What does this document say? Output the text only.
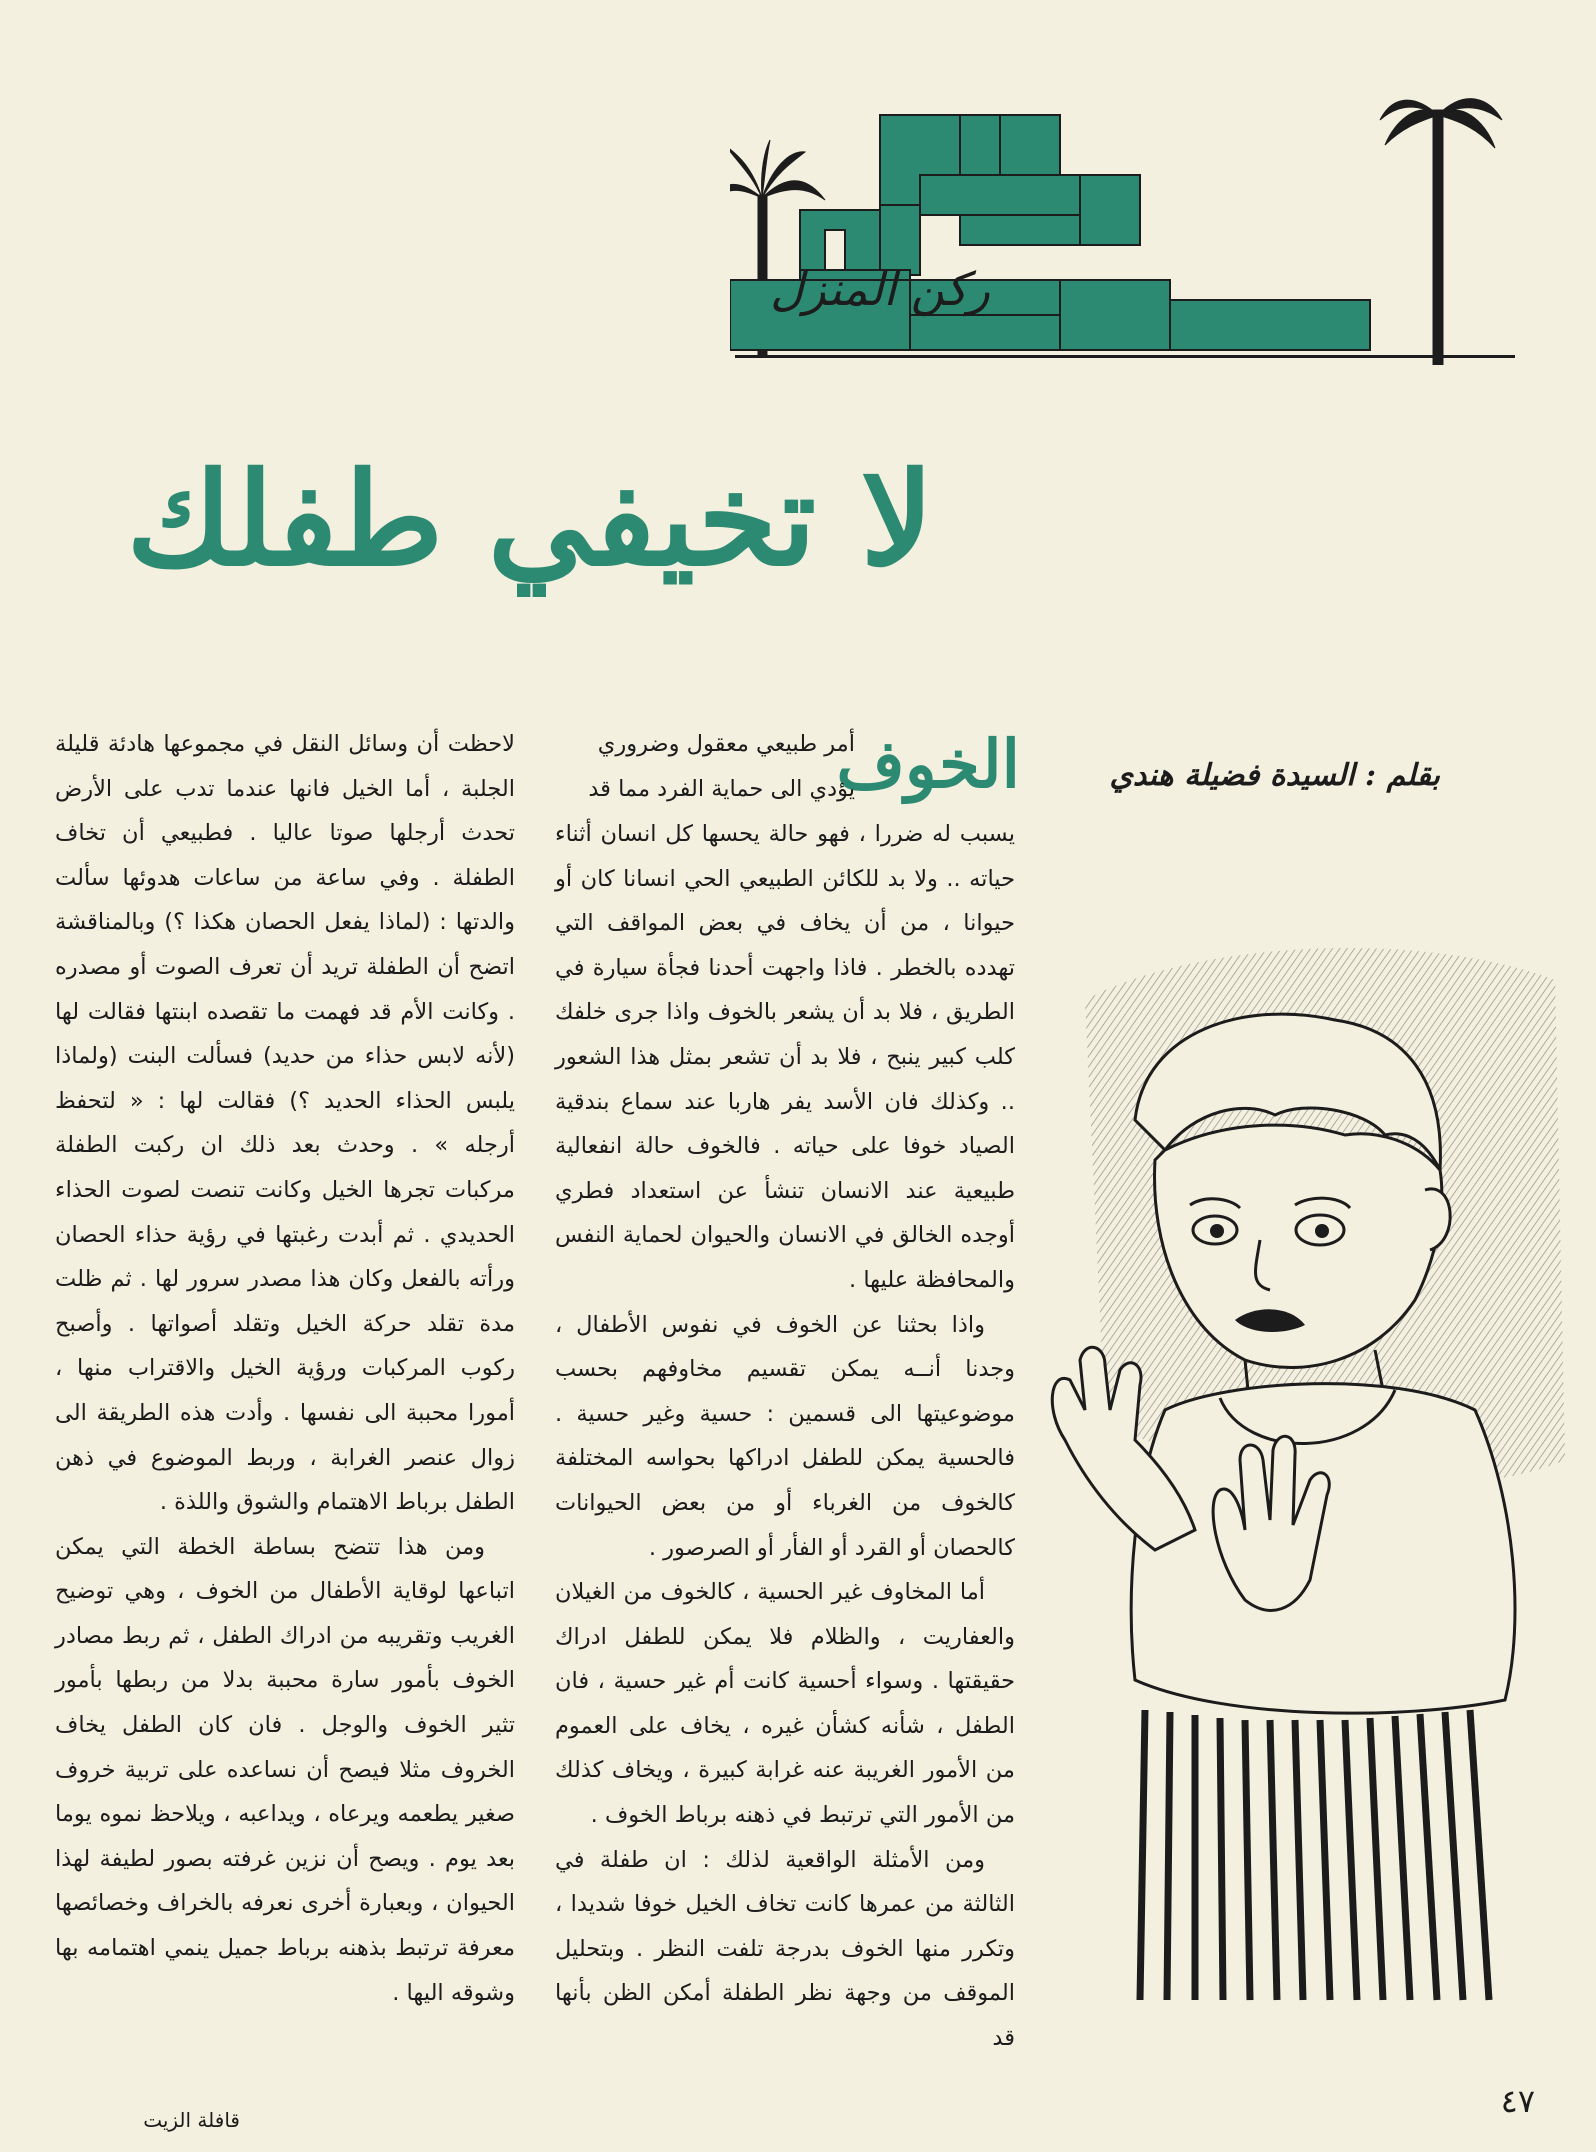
ركن المنزل
لا تخيفي طفلك
بقلم : السيدة فضيلة هندي
الخوف

أمر طبيعي معقول وضروري

يؤدي الى حماية الفرد مما قد

يسبب له ضررا ، فهو حالة يحسها كل انسان أثناء حياته .. ولا بد للكائن الطبيعي الحي انسانا كان أو حيوانا ، من أن يخاف في بعض المواقف التي تهدده بالخطر . فاذا واجهت أحدنا فجأة سيارة في الطريق ، فلا بد أن يشعر بالخوف واذا جرى خلفك كلب كبير ينبح ، فلا بد أن تشعر بمثل هذا الشعور .. وكذلك فان الأسد يفر هاربا عند سماع بندقية الصياد خوفا على حياته . فالخوف حالة انفعالية طبيعية عند الانسان تنشأ عن استعداد فطري أوجده الخالق في الانسان والحيوان لحماية النفس والمحافظة عليها .

واذا بحثنا عن الخوف في نفوس الأطفال ، وجدنا أنــه يمكن تقسيم مخاوفهم بحسب موضوعيتها الى قسمين : حسية وغير حسية . فالحسية يمكن للطفل ادراكها بحواسه المختلفة كالخوف من الغرباء أو من بعض الحيوانات كالحصان أو القرد أو الفأر أو الصرصور .

أما المخاوف غير الحسية ، كالخوف من الغيلان والعفاريت ، والظلام فلا يمكن للطفل ادراك حقيقتها . وسواء أحسية كانت أم غير حسية ، فان الطفل ، شأنه كشأن غيره ، يخاف على العموم من الأمور الغريبة عنه غرابة كبيرة ، ويخاف كذلك من الأمور التي ترتبط في ذهنه برباط الخوف .

ومن الأمثلة الواقعية لذلك : ان طفلة في الثالثة من عمرها كانت تخاف الخيل خوفا شديدا ، وتكرر منها الخوف بدرجة تلفت النظر . وبتحليل الموقف من وجهة نظر الطفلة أمكن الظن بأنها قد

لاحظت أن وسائل النقل في مجموعها هادئة قليلة الجلبة ، أما الخيل فانها عندما تدب على الأرض تحدث أرجلها صوتا عاليا . فطبيعي أن تخاف الطفلة . وفي ساعة من ساعات هدوئها سألت والدتها : (لماذا يفعل الحصان هكذا ؟) وبالمناقشة اتضح أن الطفلة تريد أن تعرف الصوت أو مصدره . وكانت الأم قد فهمت ما تقصده ابنتها فقالت لها (لأنه لابس حذاء من حديد) فسألت البنت (ولماذا يلبس الحذاء الحديد ؟) فقالت لها : « لتحفظ أرجله » . وحدث بعد ذلك ان ركبت الطفلة مركبات تجرها الخيل وكانت تنصت لصوت الحذاء الحديدي . ثم أبدت رغبتها في رؤية حذاء الحصان ورأته بالفعل وكان هذا مصدر سرور لها . ثم ظلت مدة تقلد حركة الخيل وتقلد أصواتها . وأصبح ركوب المركبات ورؤية الخيل والاقتراب منها ، أمورا محببة الى نفسها . وأدت هذه الطريقة الى زوال عنصر الغرابة ، وربط الموضوع في ذهن الطفل برباط الاهتمام والشوق واللذة .

ومن هذا تتضح بساطة الخطة التي يمكن اتباعها لوقاية الأطفال من الخوف ، وهي توضيح الغريب وتقريبه من ادراك الطفل ، ثم ربط مصادر الخوف بأمور سارة محببة بدلا من ربطها بأمور تثير الخوف والوجل . فان كان الطفل يخاف الخروف مثلا فيصح أن نساعده على تربية خروف صغير يطعمه ويرعاه ، ويداعبه ، ويلاحظ نموه يوما بعد يوم . ويصح أن نزين غرفته بصور لطيفة لهذا الحيوان ، وبعبارة أخرى نعرفه بالخراف وخصائصها معرفة ترتبط بذهنه برباط جميل ينمي اهتمامه بها وشوقه اليها .

٤٧
قافلة الزيت
